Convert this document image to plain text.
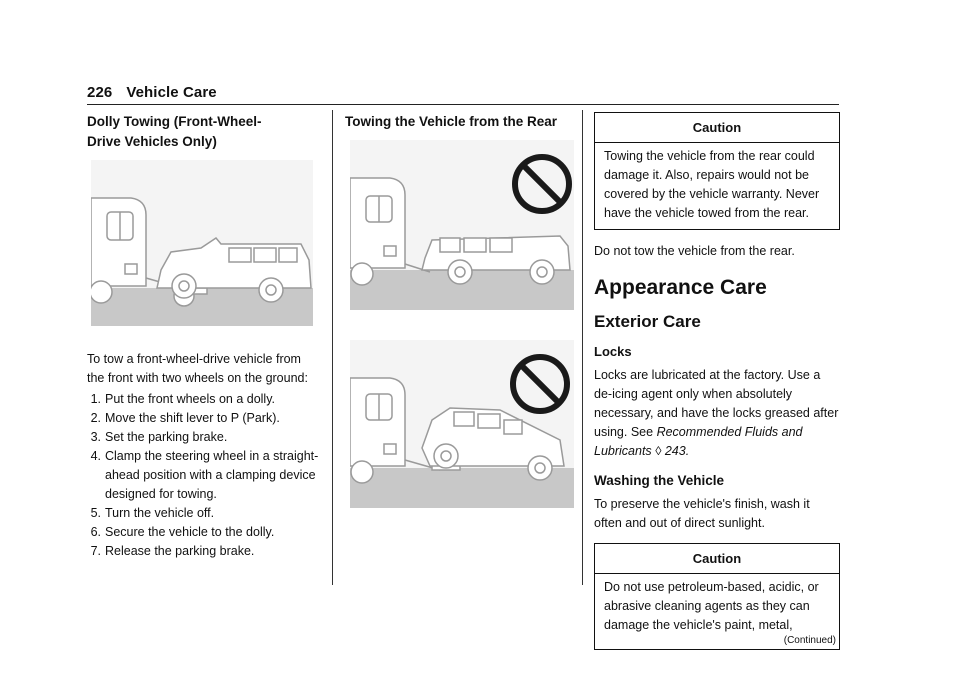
226 Vehicle Care
Dolly Towing (Front-Wheel-Drive Vehicles Only)

To tow a front-wheel-drive vehicle from the front with two wheels on the ground:

1. Put the front wheels on a dolly.
2. Move the shift lever to P (Park).
3. Set the parking brake.
4. Clamp the steering wheel in a straight-ahead position with a clamping device designed for towing.
5. Turn the vehicle off.
6. Secure the vehicle to the dolly.
7. Release the parking brake.
Towing the Vehicle from the Rear	Caution
Towing the vehicle from the rear could damage it. Also, repairs would not be covered by the vehicle warranty. Never have the vehicle towed from the rear.

Do not tow the vehicle from the rear.

Appearance Care
Exterior Care
Locks

Locks are lubricated at the factory. Use a de-icing agent only when absolutely necessary, and have the locks greased after using. See Recommended Fluids and Lubricants ◊ 243.

Washing the Vehicle

To preserve the vehicle's finish, wash it often and out of direct sunlight.

Caution
Do not use petroleum-based, acidic, or abrasive cleaning agents as they can damage the vehicle's paint, metal,
(Continued)
